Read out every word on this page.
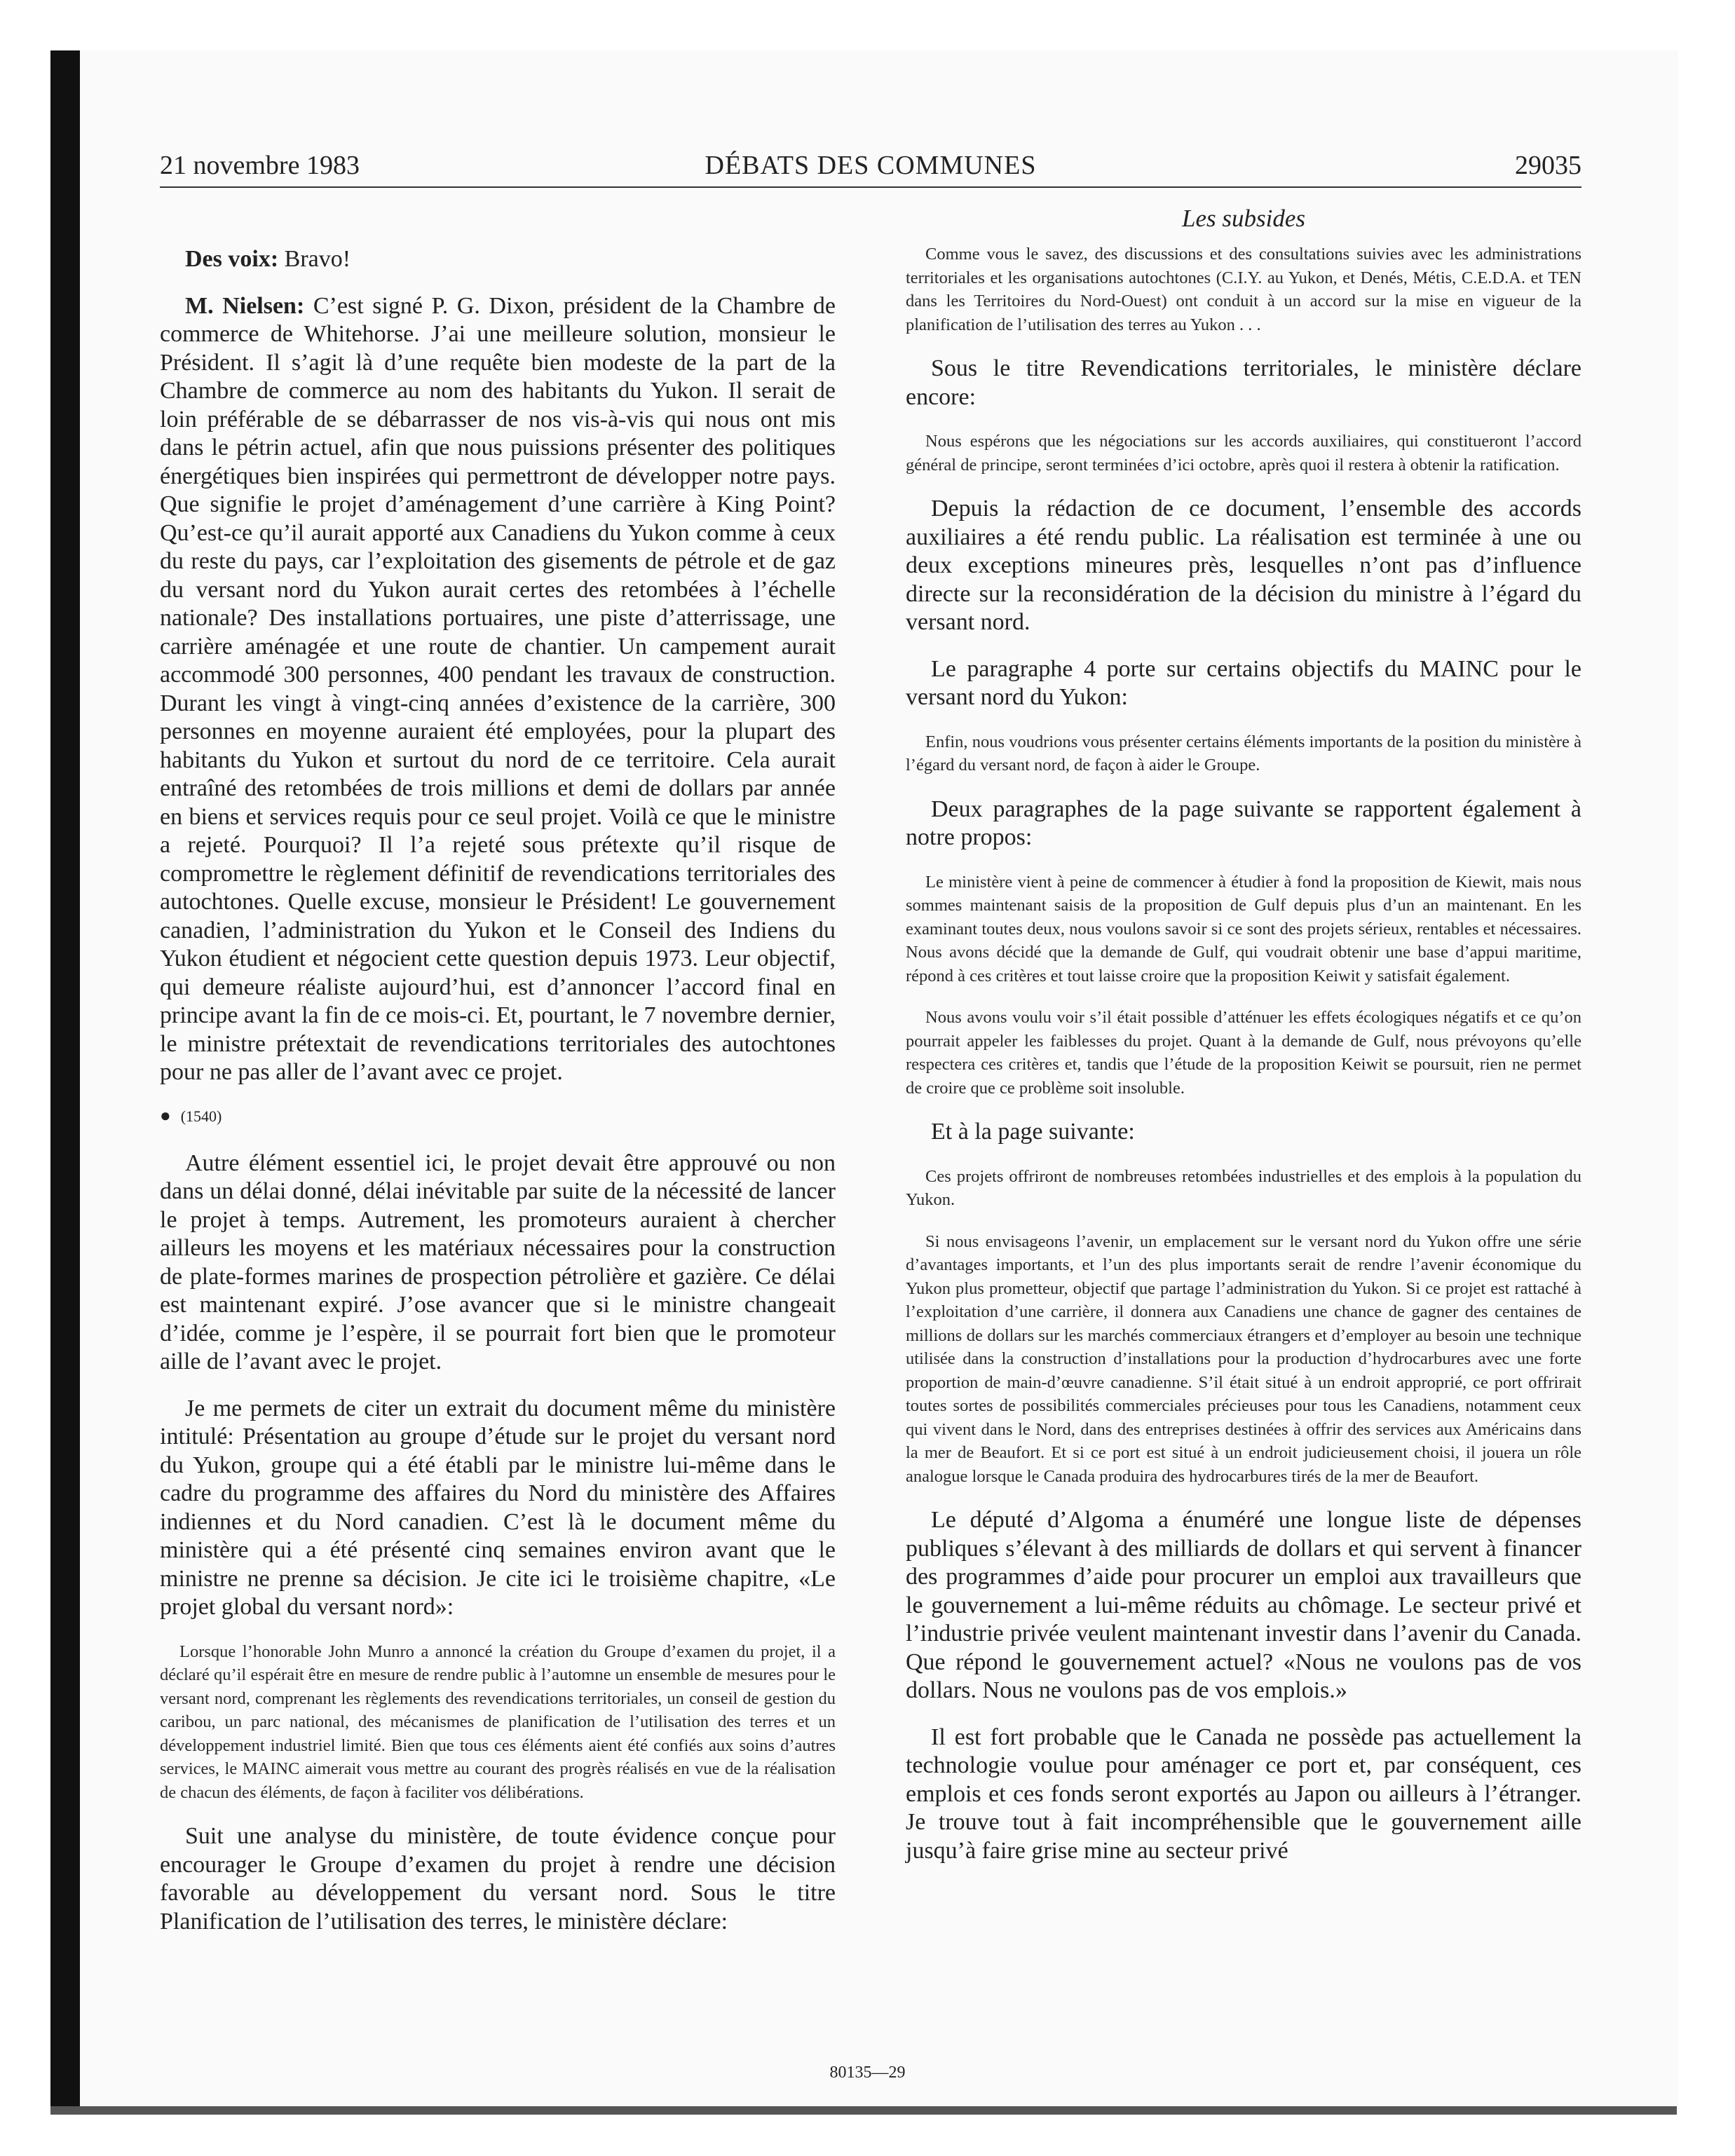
21 novembre 1983	DÉBATS DES COMMUNES	29035
Les subsides

Des voix: Bravo!

M. Nielsen: C’est signé P. G. Dixon, président de la Chambre de commerce de Whitehorse. J’ai une meilleure solution, monsieur le Président. Il s’agit là d’une requête bien modeste de la part de la Chambre de commerce au nom des habitants du Yukon. Il serait de loin préférable de se débarrasser de nos vis-à-vis qui nous ont mis dans le pétrin actuel, afin que nous puissions présenter des politiques énergétiques bien inspirées qui permettront de développer notre pays. Que signifie le projet d’aménagement d’une carrière à King Point? Qu’est-ce qu’il aurait apporté aux Canadiens du Yukon comme à ceux du reste du pays, car l’exploitation des gisements de pétrole et de gaz du versant nord du Yukon aurait certes des retombées à l’échelle nationale? Des installations portuaires, une piste d’atterrissage, une carrière aménagée et une route de chantier. Un campement aurait accommodé 300 personnes, 400 pendant les travaux de construction. Durant les vingt à vingt-cinq années d’existence de la carrière, 300 personnes en moyenne auraient été employées, pour la plupart des habitants du Yukon et surtout du nord de ce territoire. Cela aurait entraîné des retombées de trois millions et demi de dollars par année en biens et services requis pour ce seul projet. Voilà ce que le ministre a rejeté. Pourquoi? Il l’a rejeté sous prétexte qu’il risque de compromettre le règlement définitif de revendications territoriales des autochtones. Quelle excuse, monsieur le Président! Le gouvernement canadien, l’administration du Yukon et le Conseil des Indiens du Yukon étudient et négocient cette question depuis 1973. Leur objectif, qui demeure réaliste aujourd’hui, est d’annoncer l’accord final en principe avant la fin de ce mois-ci. Et, pourtant, le 7 novembre dernier, le ministre prétextait de revendications territoriales des autochtones pour ne pas aller de l’avant avec ce projet.

● (1540)

Autre élément essentiel ici, le projet devait être approuvé ou non dans un délai donné, délai inévitable par suite de la nécessité de lancer le projet à temps. Autrement, les promoteurs auraient à chercher ailleurs les moyens et les matériaux nécessaires pour la construction de plate-formes marines de prospection pétrolière et gazière. Ce délai est maintenant expiré. J’ose avancer que si le ministre changeait d’idée, comme je l’espère, il se pourrait fort bien que le promoteur aille de l’avant avec le projet.

Je me permets de citer un extrait du document même du ministère intitulé: Présentation au groupe d’étude sur le projet du versant nord du Yukon, groupe qui a été établi par le ministre lui-même dans le cadre du programme des affaires du Nord du ministère des Affaires indiennes et du Nord canadien. C’est là le document même du ministère qui a été présenté cinq semaines environ avant que le ministre ne prenne sa décision. Je cite ici le troisième chapitre, «Le projet global du versant nord»:

Lorsque l’honorable John Munro a annoncé la création du Groupe d’examen du projet, il a déclaré qu’il espérait être en mesure de rendre public à l’automne un ensemble de mesures pour le versant nord, comprenant les règlements des revendications territoriales, un conseil de gestion du caribou, un parc national, des mécanismes de planification de l’utilisation des terres et un développement industriel limité. Bien que tous ces éléments aient été confiés aux soins d’autres services, le MAINC aimerait vous mettre au courant des progrès réalisés en vue de la réalisation de chacun des éléments, de façon à faciliter vos délibérations.

Suit une analyse du ministère, de toute évidence conçue pour encourager le Groupe d’examen du projet à rendre une décision favorable au développement du versant nord. Sous le titre Planification de l’utilisation des terres, le ministère déclare:

Comme vous le savez, des discussions et des consultations suivies avec les administrations territoriales et les organisations autochtones (C.I.Y. au Yukon, et Denés, Métis, C.E.D.A. et TEN dans les Territoires du Nord-Ouest) ont conduit à un accord sur la mise en vigueur de la planification de l’utilisation des terres au Yukon . . .

Sous le titre Revendications territoriales, le ministère déclare encore:

Nous espérons que les négociations sur les accords auxiliaires, qui constitueront l’accord général de principe, seront terminées d’ici octobre, après quoi il restera à obtenir la ratification.

Depuis la rédaction de ce document, l’ensemble des accords auxiliaires a été rendu public. La réalisation est terminée à une ou deux exceptions mineures près, lesquelles n’ont pas d’influence directe sur la reconsidération de la décision du ministre à l’égard du versant nord.

Le paragraphe 4 porte sur certains objectifs du MAINC pour le versant nord du Yukon:

Enfin, nous voudrions vous présenter certains éléments importants de la position du ministère à l’égard du versant nord, de façon à aider le Groupe.

Deux paragraphes de la page suivante se rapportent également à notre propos:

Le ministère vient à peine de commencer à étudier à fond la proposition de Kiewit, mais nous sommes maintenant saisis de la proposition de Gulf depuis plus d’un an maintenant. En les examinant toutes deux, nous voulons savoir si ce sont des projets sérieux, rentables et nécessaires. Nous avons décidé que la demande de Gulf, qui voudrait obtenir une base d’appui maritime, répond à ces critères et tout laisse croire que la proposition Keiwit y satisfait également.

Nous avons voulu voir s’il était possible d’atténuer les effets écologiques négatifs et ce qu’on pourrait appeler les faiblesses du projet. Quant à la demande de Gulf, nous prévoyons qu’elle respectera ces critères et, tandis que l’étude de la proposition Keiwit se poursuit, rien ne permet de croire que ce problème soit insoluble.

Et à la page suivante:

Ces projets offriront de nombreuses retombées industrielles et des emplois à la population du Yukon.

Si nous envisageons l’avenir, un emplacement sur le versant nord du Yukon offre une série d’avantages importants, et l’un des plus importants serait de rendre l’avenir économique du Yukon plus prometteur, objectif que partage l’administration du Yukon. Si ce projet est rattaché à l’exploitation d’une carrière, il donnera aux Canadiens une chance de gagner des centaines de millions de dollars sur les marchés commerciaux étrangers et d’employer au besoin une technique utilisée dans la construction d’installations pour la production d’hydrocarbures avec une forte proportion de main-d’œuvre canadienne. S’il était situé à un endroit approprié, ce port offrirait toutes sortes de possibilités commerciales précieuses pour tous les Canadiens, notamment ceux qui vivent dans le Nord, dans des entreprises destinées à offrir des services aux Américains dans la mer de Beaufort. Et si ce port est situé à un endroit judicieusement choisi, il jouera un rôle analogue lorsque le Canada produira des hydrocarbures tirés de la mer de Beaufort.

Le député d’Algoma a énuméré une longue liste de dépenses publiques s’élevant à des milliards de dollars et qui servent à financer des programmes d’aide pour procurer un emploi aux travailleurs que le gouvernement a lui-même réduits au chômage. Le secteur privé et l’industrie privée veulent maintenant investir dans l’avenir du Canada. Que répond le gouvernement actuel? «Nous ne voulons pas de vos dollars. Nous ne voulons pas de vos emplois.»

Il est fort probable que le Canada ne possède pas actuellement la technologie voulue pour aménager ce port et, par conséquent, ces emplois et ces fonds seront exportés au Japon ou ailleurs à l’étranger. Je trouve tout à fait incompréhensible que le gouvernement aille jusqu’à faire grise mine au secteur privé

80135—29
